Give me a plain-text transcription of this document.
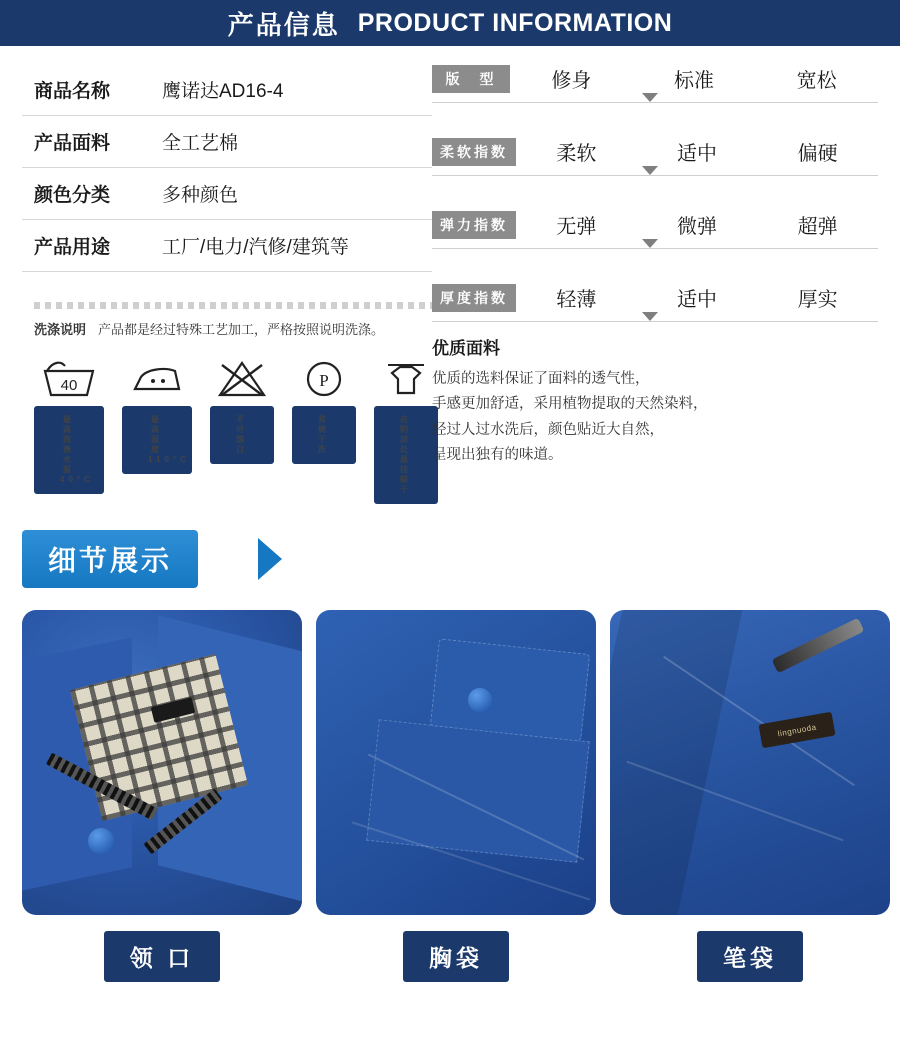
产品信息 PRODUCT INFORMATION
商品名称	鹰诺达AD16-4
产品面料	全工艺棉
颜色分类	多种颜色
产品用途	工厂/电力/汽修/建筑等
洗涤说明 产品都是经过特殊工艺加工，严格按照说明洗涤。
40
最高洗涤水温40°C
最高温度110°C
不可漂白
P
常规干洗
在阴凉处悬挂晾干
版　型	修身	标准	宽松
柔软指数	柔软	适中	偏硬
弹力指数	无弹	微弹	超弹
厚度指数	轻薄	适中	厚实
优质面料

优质的选料保证了面料的透气性，

手感更加舒适，采用植物提取的天然染料，

经过人过水洗后，颜色贴近大自然，

呈现出独有的味道。

细节展示
领 口	胸袋
lingnuoda
笔袋
